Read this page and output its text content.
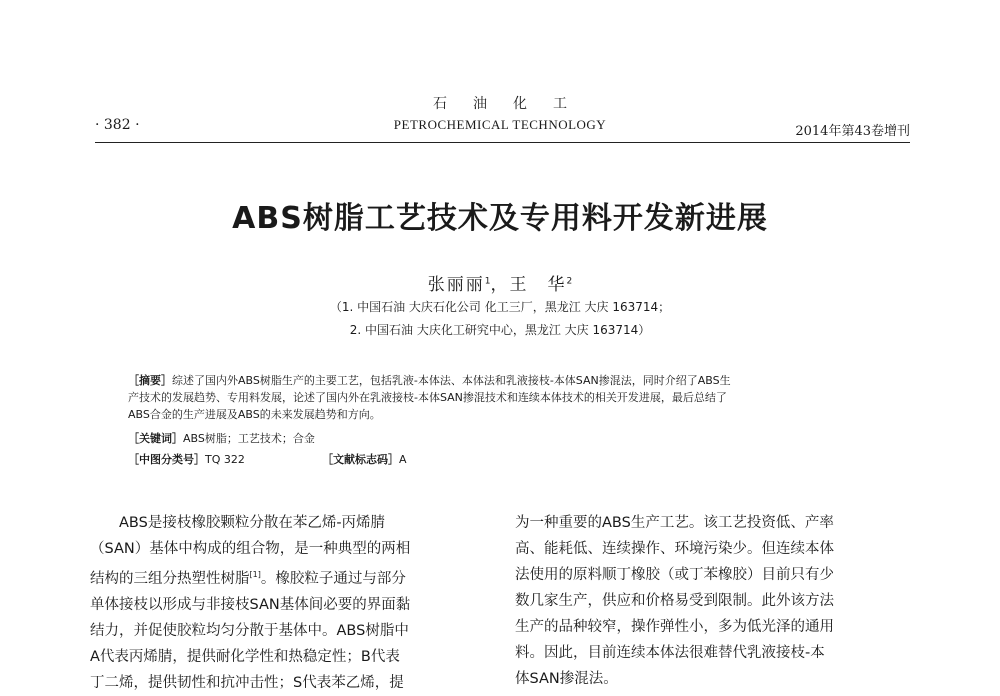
石油化工
· 382 ·	PETROCHEMICAL TECHNOLOGY	2014年第43卷增刊
ABS树脂工艺技术及专用料开发新进展
张丽丽$^1$，王　华$^2$
（1. 中国石油 大庆石化公司 化工三厂，黑龙江 大庆 163714；
2. 中国石油 大庆化工研究中心，黑龙江 大庆 163714）
［摘要］综述了国内外ABS树脂生产的主要工艺，包括乳液-本体法、本体法和乳液接枝-本体SAN掺混法，同时介绍了ABS生
产技术的发展趋势、专用料发展，论述了国内外在乳液接枝-本体SAN掺混技术和连续本体技术的相关开发进展，最后总结了
ABS合金的生产进展及ABS的未来发展趋势和方向。
［关键词］ABS树脂；工艺技术；合金
［中图分类号］TQ 322	［文献标志码］A
　　ABS是接枝橡胶颗粒分散在苯乙烯-丙烯腈
（SAN）基体中构成的组合物，是一种典型的两相
结构的三组分热塑性树脂[1]。橡胶粒子通过与部分
单体接枝以形成与非接枝SAN基体间必要的界面黏
结力，并促使胶粒均匀分散于基体中。ABS树脂中
A代表丙烯腈，提供耐化学性和热稳定性；B代表
丁二烯，提供韧性和抗冲击性；S代表苯乙烯，提
为一种重要的ABS生产工艺。该工艺投资低、产率
高、能耗低、连续操作、环境污染少。但连续本体
法使用的原料顺丁橡胶（或丁苯橡胶）目前只有少
数几家生产，供应和价格易受到限制。此外该方法
生产的品种较窄，操作弹性小，多为低光泽的通用
料。因此，目前连续本体法很难替代乳液接枝-本
体SAN掺混法。
